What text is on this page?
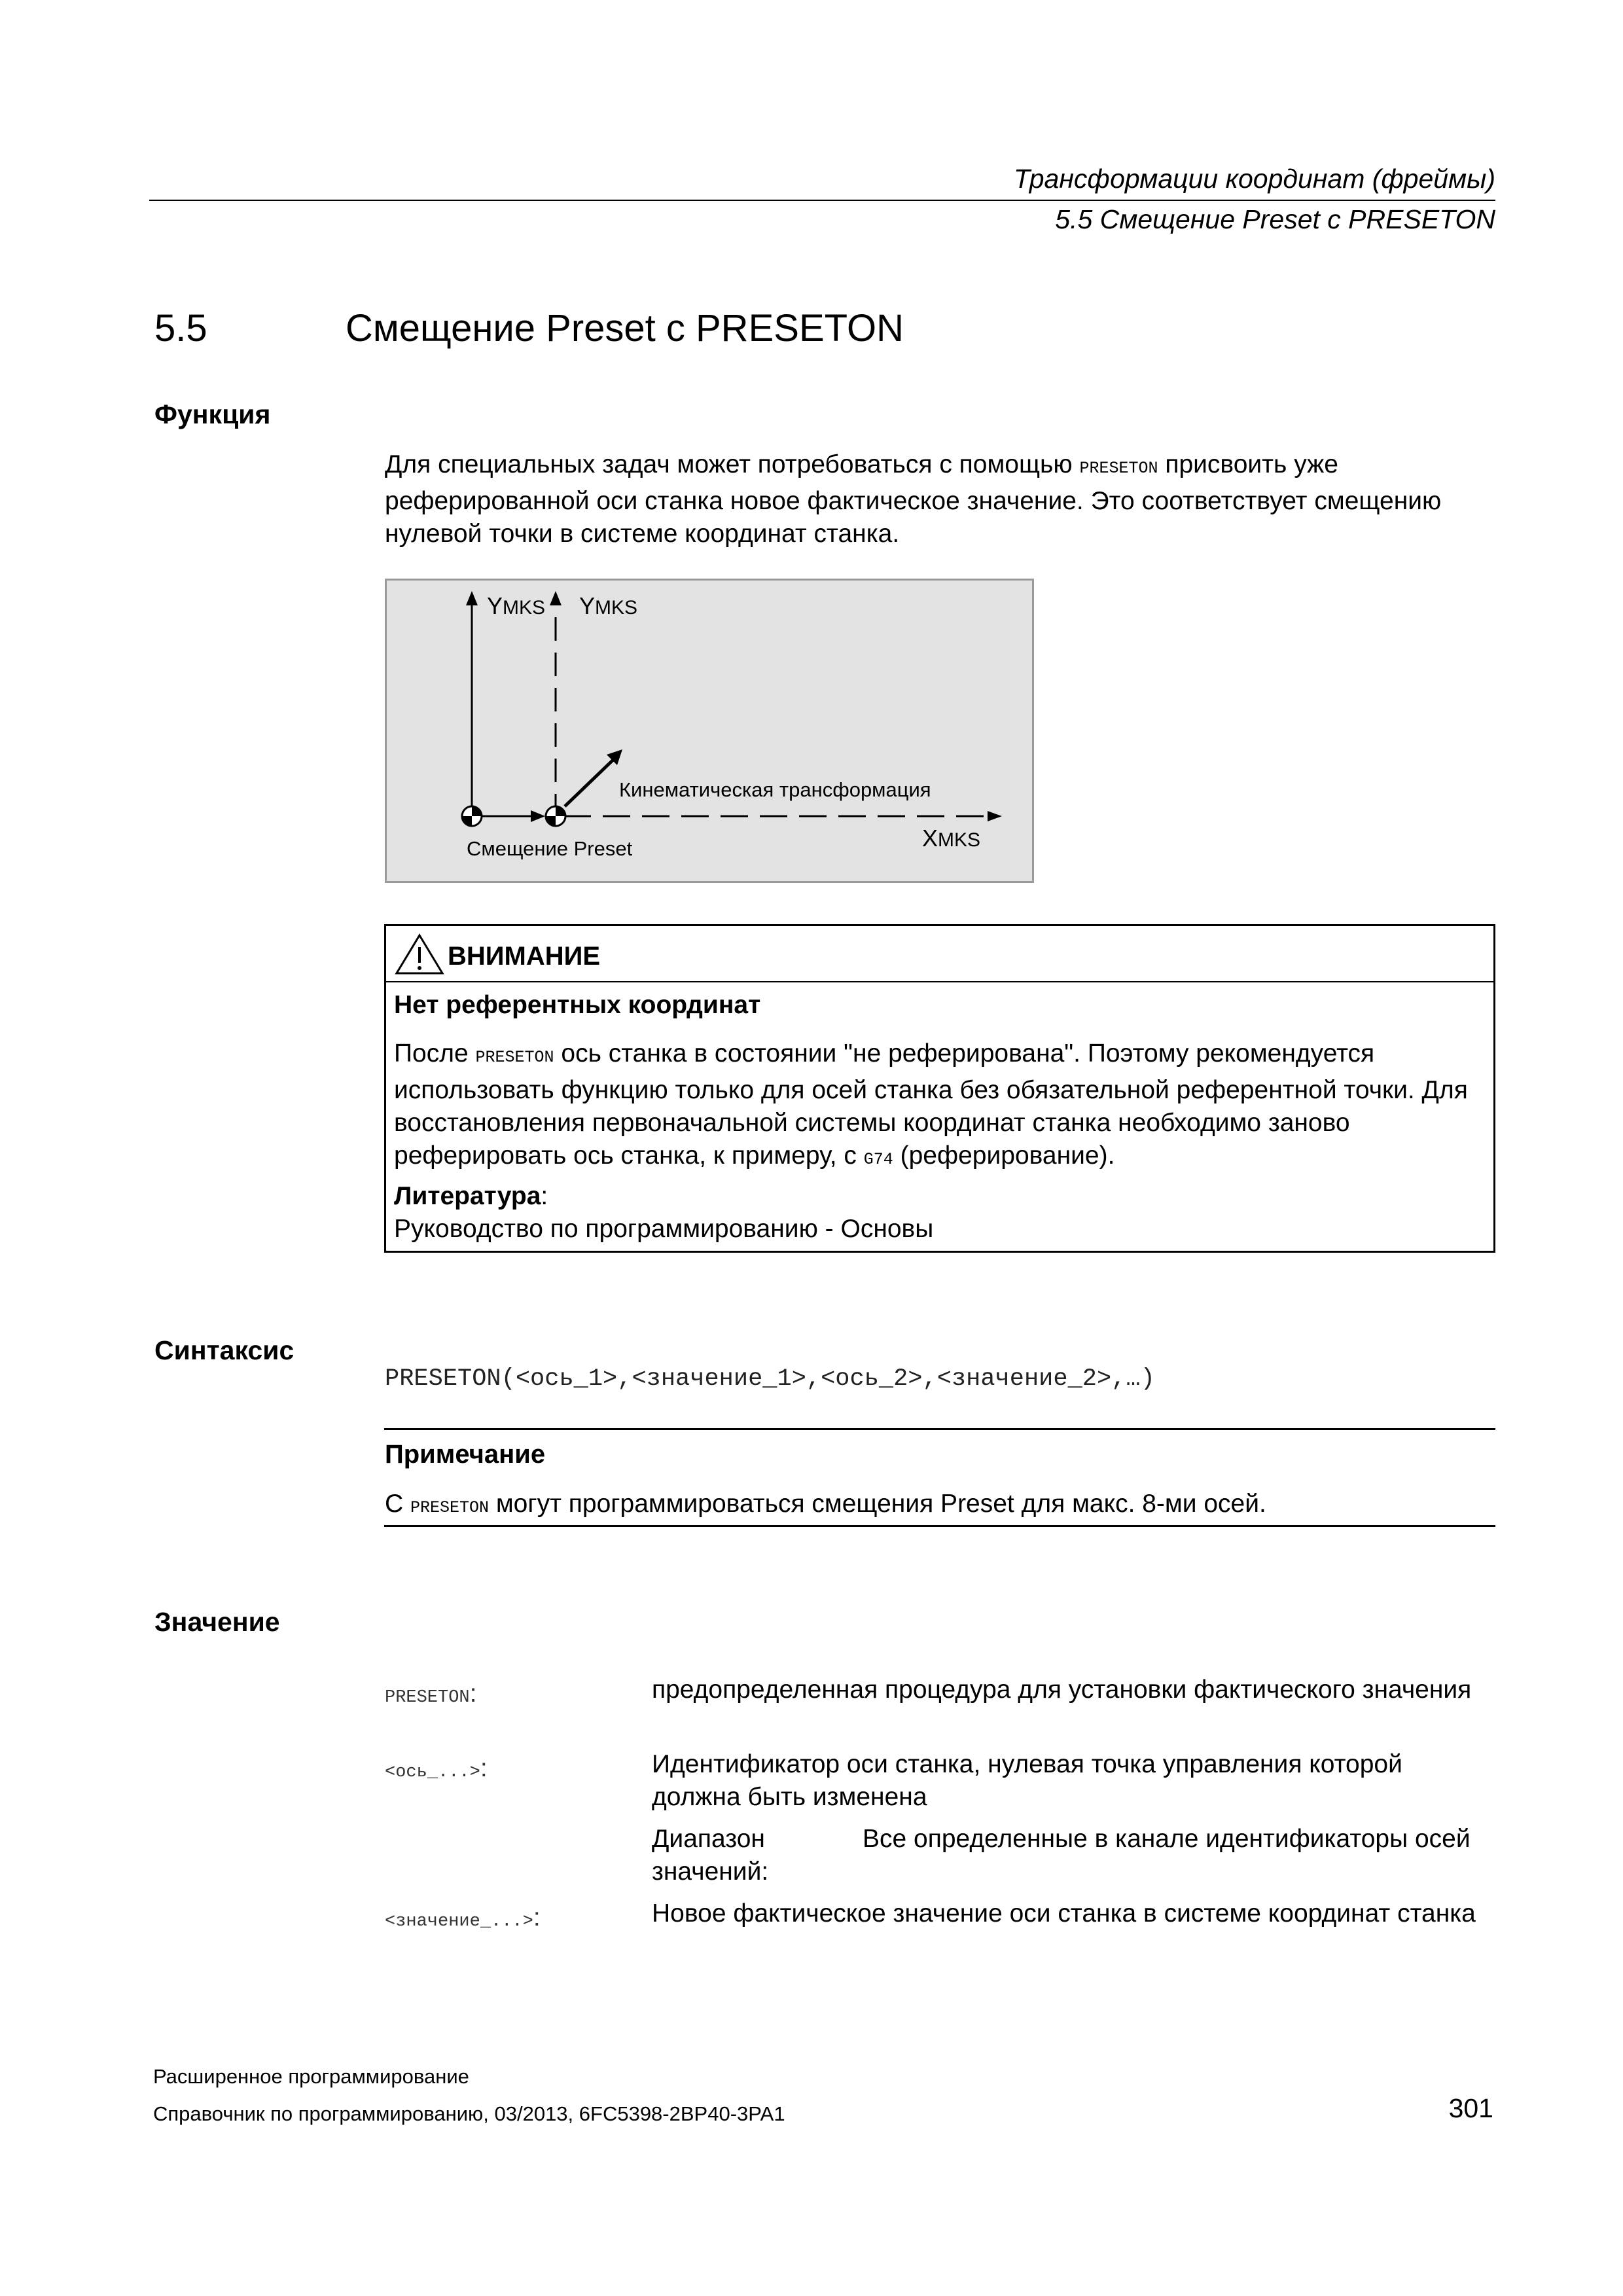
Трансформации координат (фреймы)
5.5 Смещение Preset с PRESETON
5.5	Смещение Preset с PRESETON
Функция
Для специальных задач может потребоваться с помощью PRESETON присвоить уже реферированной оси станка новое фактическое значение. Это соответствует смещению нулевой точки в системе координат станка.
YMKS YMKS
Кинематическая трансформация
XMKS
Смещение Preset
ВНИМАНИЕ
Нет референтных координат
После PRESETON ось станка в состоянии "не реферирована". Поэтому рекомендуется использовать функцию только для осей станка без обязательной референтной точки. Для восстановления первоначальной системы координат станка необходимо заново реферировать ось станка, к примеру, с G74 (реферирование).
Литература:
Руководство по программированию - Основы
Синтаксис
PRESETON(<ось_1>,<значение_1>,<ось_2>,<значение_2>,…)
Примечание
С PRESETON могут программироваться смещения Preset для макс. 8-ми осей.
Значение
PRESETON:	предопределенная процедура для установки фактического значения
<ось_...>:	Идентификатор оси станка, нулевая точка управления которой должна быть изменена
Диапазон значений:
Все определенные в канале идентификаторы осей
<значение_...>:	Новое фактическое значение оси станка в системе координат станка
Расширенное программирование
Справочник по программированию, 03/2013, 6FC5398-2BP40-3PA1	301
